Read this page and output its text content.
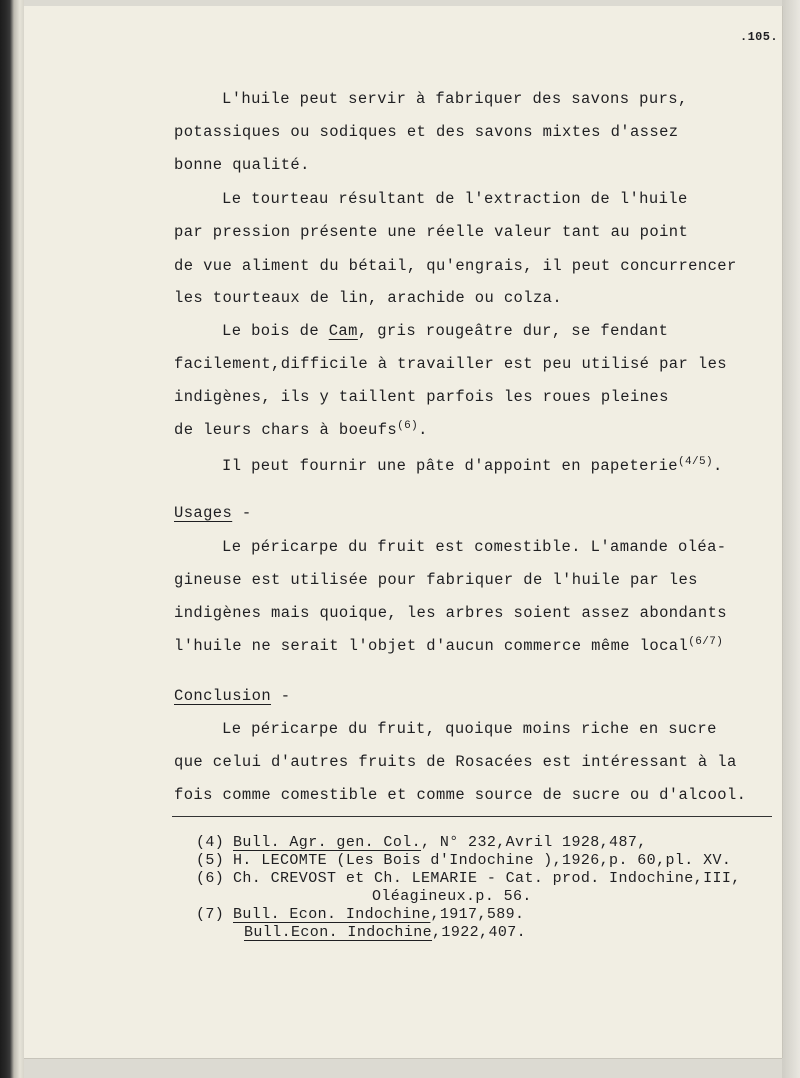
.105.
L'huile peut servir à fabriquer des savons purs,
potassiques ou sodiques et des savons mixtes d'assez
bonne qualité.
Le tourteau résultant de l'extraction de l'huile
par pression présente une réelle valeur tant au point
de vue aliment du bétail, qu'engrais, il peut concurrencer
les tourteaux de lin, arachide ou colza.
Le bois de Cam, gris rougeâtre dur, se fendant
facilement,difficile à travailler est peu utilisé par les
indigènes, ils y taillent parfois les roues pleines
de leurs chars à boeufs$^{(6)}$.
Il peut fournir une pâte d'appoint en papeterie$^{(4/5)}$.
Usages -
Le péricarpe du fruit est comestible. L'amande oléa-
gineuse est utilisée pour fabriquer de l'huile par les
indigènes mais quoique, les arbres soient assez abondants
l'huile ne serait l'objet d'aucun commerce même local$^{(6/7)}$
Conclusion -
Le péricarpe du fruit, quoique moins riche en sucre
que celui d'autres fruits de Rosacées est intéressant à la
fois comme comestible et comme source de sucre ou d'alcool.
(4) Bull. Agr. gen. Col., N° 232,Avril 1928,487,
(5) H. LECOMTE (Les Bois d'Indochine ),1926,p. 60,pl. XV.
(6) Ch. CREVOST et Ch. LEMARIE - Cat. prod. Indochine,III,
Oléagineux.p. 56.
(7) Bull. Econ. Indochine,1917,589.
Bull.Econ. Indochine,1922,407.
